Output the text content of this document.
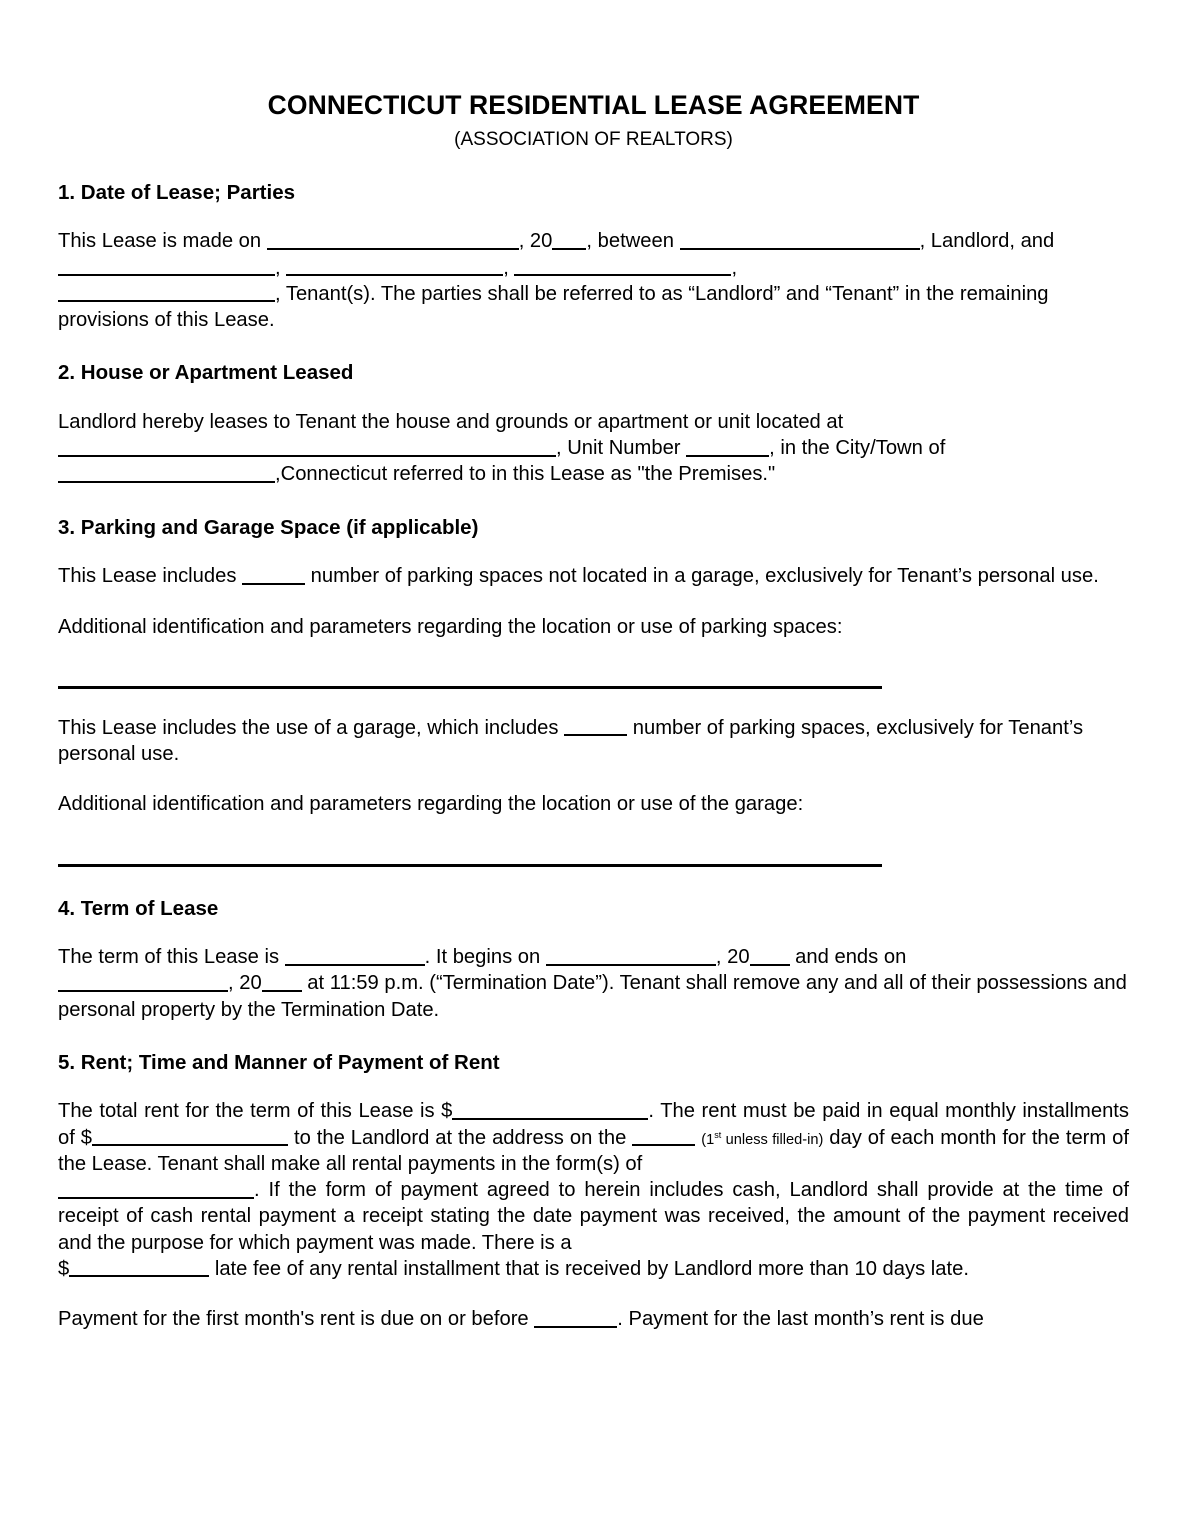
CONNECTICUT RESIDENTIAL LEASE AGREEMENT
(ASSOCIATION OF REALTORS)
1. Date of Lease; Parties
This Lease is made on	, 20 , between	, Landlord, and ,	,	,
, Tenant(s). The parties shall be referred to as “Landlord” and “Tenant” in the remaining provisions of this Lease.
2. House or Apartment Leased
Landlord hereby leases to Tenant the house and grounds or apartment or unit located at
, Unit Number	, in the City/Town of
,Connecticut referred to in this Lease as "the Premises."
3. Parking and Garage Space (if applicable)
This Lease includes	number of parking spaces not located in a garage, exclusively for Tenant’s personal use.
Additional identification and parameters regarding the location or use of parking spaces:
This Lease includes the use of a garage, which includes	number of parking spaces, exclusively for Tenant’s personal use.
Additional identification and parameters regarding the location or use of the garage:
4. Term of Lease
The term of this Lease is	. It begins on	, 20 and ends on
, 20 at 11:59 p.m. (“Termination Date”). Tenant shall remove any and all of their possessions and personal property by the Termination Date.
5. Rent; Time and Manner of Payment of Rent
The total rent for the term of this Lease is $	. The rent must be paid in equal monthly installments of $	to the Landlord at the address on the	(1st unless filled-in) day of each month for the term of the Lease. Tenant shall make all rental payments in the form(s) of
. If the form of payment agreed to herein includes cash, Landlord shall provide at the time of receipt of cash rental payment a receipt stating the date payment was received, the amount of the payment received and the purpose for which payment was made. There is a
$	late fee of any rental installment that is received by Landlord more than 10 days late.
Payment for the first month's rent is due on or before	. Payment for the last month’s rent is due
